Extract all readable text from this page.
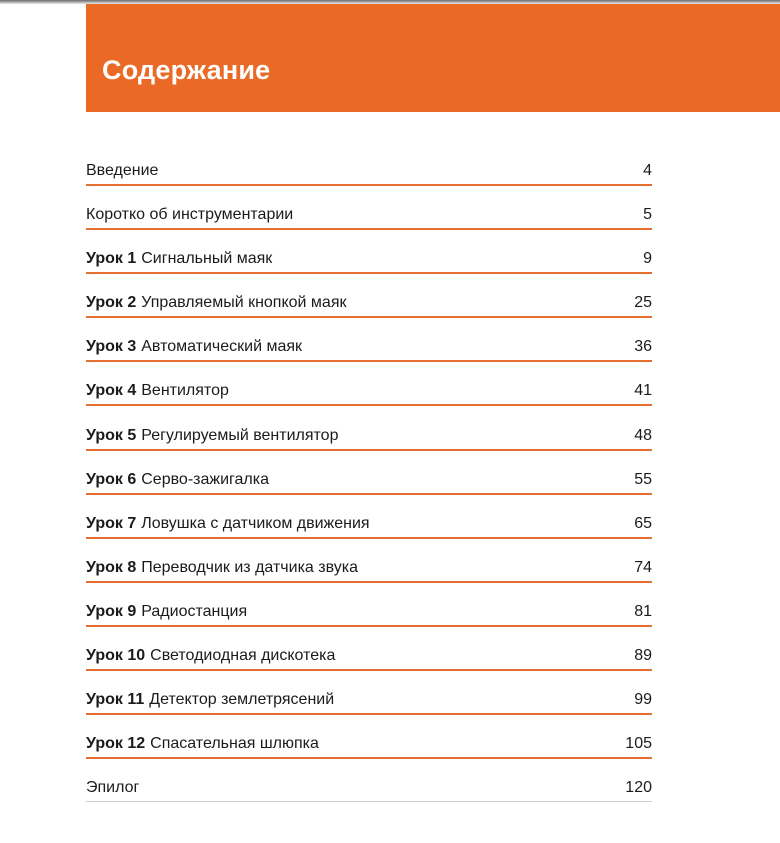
Содержание
Введение	4
Коротко об инструментарии	5
Урок 1 Сигнальный маяк	9
Урок 2 Управляемый кнопкой маяк	25
Урок 3 Автоматический маяк	36
Урок 4 Вентилятор	41
Урок 5 Регулируемый вентилятор	48
Урок 6 Серво-зажигалка	55
Урок 7 Ловушка с датчиком движения	65
Урок 8 Переводчик из датчика звука	74
Урок 9 Радиостанция	81
Урок 10 Светодиодная дискотека	89
Урок 11 Детектор землетрясений	99
Урок 12 Спасательная шлюпка	105
Эпилог	120
